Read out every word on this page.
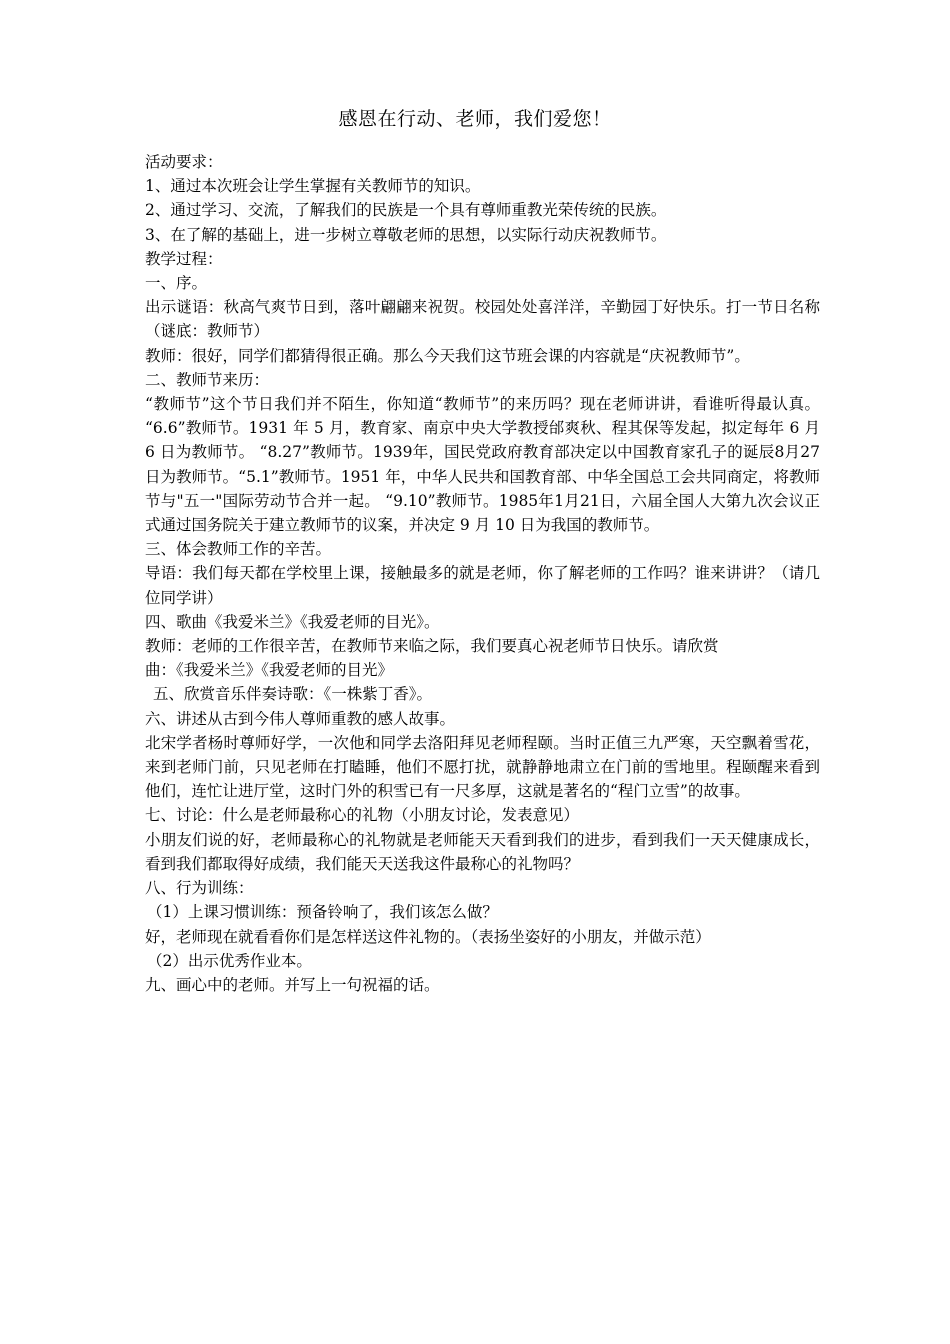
感恩在行动、老师，我们爱您！

活动要求：

1、通过本次班会让学生掌握有关教师节的知识。

2、通过学习、交流，了解我们的民族是一个具有尊师重教光荣传统的民族。

3、在了解的基础上，进一步树立尊敬老师的思想，以实际行动庆祝教师节。

教学过程：

一、序。

出示谜语：秋高气爽节日到，落叶翩翩来祝贺。校园处处喜洋洋，辛勤园丁好快乐。打一节日名称（谜底：教师节）

教师：很好，同学们都猜得很正确。那么今天我们这节班会课的内容就是“庆祝教师节”。

二、教师节来历：

“教师节”这个节日我们并不陌生，你知道“教师节”的来历吗？现在老师讲讲，看谁听得最认真。 “6.6”教师节。1931 年 5 月，教育家、南京中央大学教授邰爽秋、程其保等发起，拟定每年 6 月 6 日为教师节。 “8.27”教师节。1939年，国民党政府教育部决定以中国教育家孔子的诞辰8月27日为教师节。“5.1”教师节。1951 年，中华人民共和国教育部、中华全国总工会共同商定，将教师节与"五一"国际劳动节合并一起。 “9.10”教师节。1985年1月21日，六届全国人大第九次会议正式通过国务院关于建立教师节的议案，并决定 9 月 10 日为我国的教师节。

三、体会教师工作的辛苦。

导语：我们每天都在学校里上课，接触最多的就是老师，你了解老师的工作吗？谁来讲讲？（请几位同学讲）

四、歌曲《我爱米兰》《我爱老师的目光》。

教师：老师的工作很辛苦，在教师节来临之际，我们要真心祝老师节日快乐。请欣赏

曲：《我爱米兰》《我爱老师的目光》

五、欣赏音乐伴奏诗歌：《一株紫丁香》。

六、讲述从古到今伟人尊师重教的感人故事。

北宋学者杨时尊师好学，一次他和同学去洛阳拜见老师程颐。当时正值三九严寒，天空飘着雪花，来到老师门前，只见老师在打瞌睡，他们不愿打扰，就静静地肃立在门前的雪地里。程颐醒来看到他们，连忙让进厅堂，这时门外的积雪已有一尺多厚，这就是著名的“程门立雪”的故事。

七、讨论：什么是老师最称心的礼物（小朋友讨论，发表意见）

小朋友们说的好，老师最称心的礼物就是老师能天天看到我们的进步，看到我们一天天健康成长，看到我们都取得好成绩，我们能天天送我这件最称心的礼物吗？

八、行为训练：

（1）上课习惯训练：预备铃响了，我们该怎么做？

好，老师现在就看看你们是怎样送这件礼物的。（表扬坐姿好的小朋友，并做示范）

（2）出示优秀作业本。

九、画心中的老师。并写上一句祝福的话。
